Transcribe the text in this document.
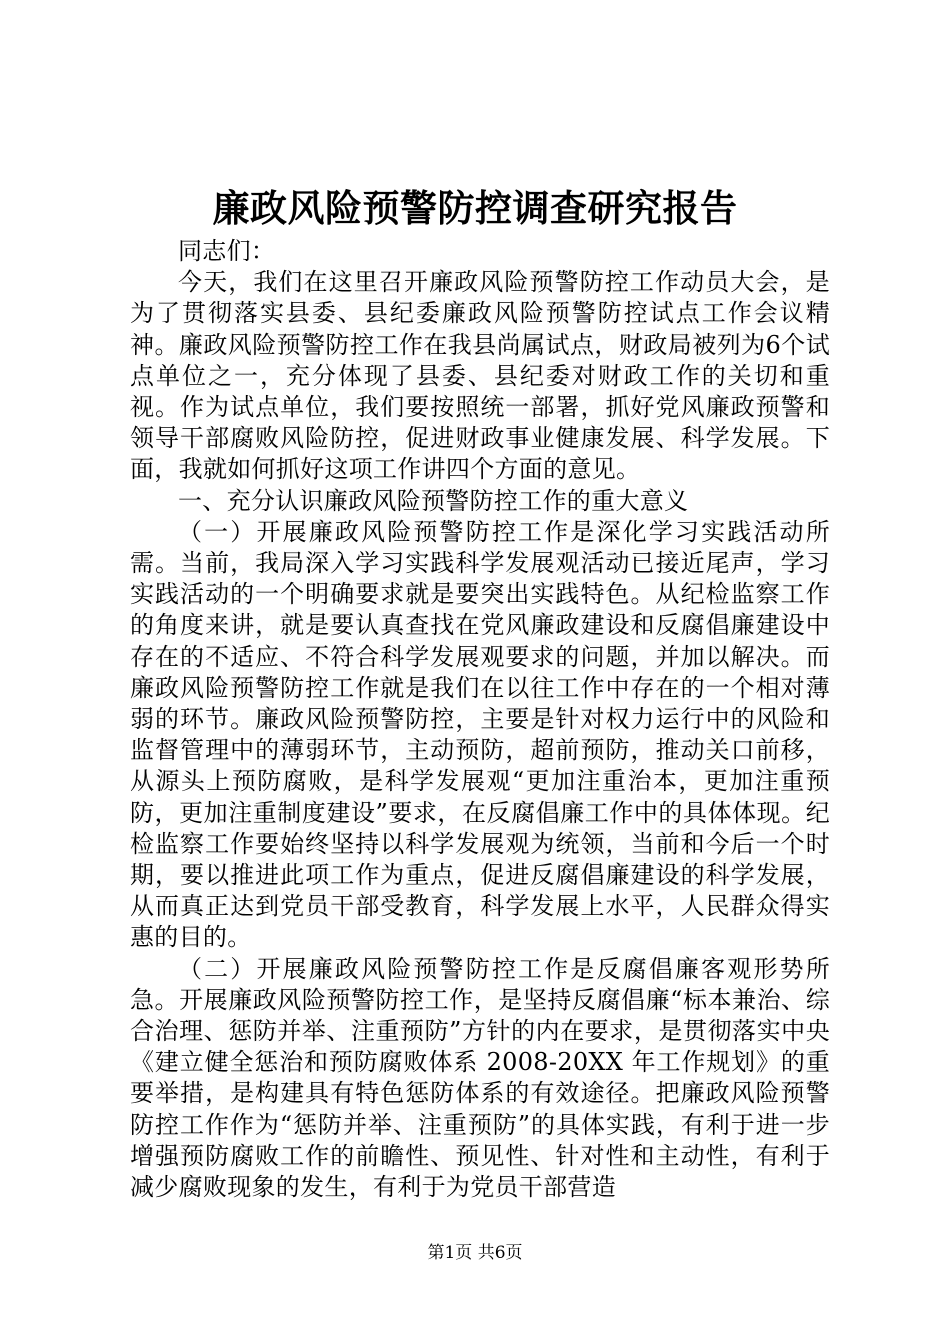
廉政风险预警防控调查研究报告

同志们：

今天，我们在这里召开廉政风险预警防控工作动员大会，是为了贯彻落实县委、县纪委廉政风险预警防控试点工作会议精神。廉政风险预警防控工作在我县尚属试点，财政局被列为6个试点单位之一，充分体现了县委、县纪委对财政工作的关切和重视。作为试点单位，我们要按照统一部署，抓好党风廉政预警和领导干部腐败风险防控，促进财政事业健康发展、科学发展。下面，我就如何抓好这项工作讲四个方面的意见。

一、充分认识廉政风险预警防控工作的重大意义

（一）开展廉政风险预警防控工作是深化学习实践活动所需。当前，我局深入学习实践科学发展观活动已接近尾声，学习实践活动的一个明确要求就是要突出实践特色。从纪检监察工作的角度来讲，就是要认真查找在党风廉政建设和反腐倡廉建设中存在的不适应、不符合科学发展观要求的问题，并加以解决。而廉政风险预警防控工作就是我们在以往工作中存在的一个相对薄弱的环节。廉政风险预警防控，主要是针对权力运行中的风险和监督管理中的薄弱环节，主动预防，超前预防，推动关口前移，从源头上预防腐败，是科学发展观“更加注重治本，更加注重预防，更加注重制度建设”要求，在反腐倡廉工作中的具体体现。纪检监察工作要始终坚持以科学发展观为统领，当前和今后一个时期，要以推进此项工作为重点，促进反腐倡廉建设的科学发展，从而真正达到党员干部受教育，科学发展上水平，人民群众得实惠的目的。

（二）开展廉政风险预警防控工作是反腐倡廉客观形势所急。开展廉政风险预警防控工作，是坚持反腐倡廉“标本兼治、综合治理、惩防并举、注重预防”方针的内在要求，是贯彻落实中央《建立健全惩治和预防腐败体系 2008-20XX 年工作规划》的重要举措，是构建具有特色惩防体系的有效途径。把廉政风险预警防控工作作为“惩防并举、注重预防”的具体实践，有利于进一步增强预防腐败工作的前瞻性、预见性、针对性和主动性，有利于减少腐败现象的发生，有利于为党员干部营造

第1页 共6页
